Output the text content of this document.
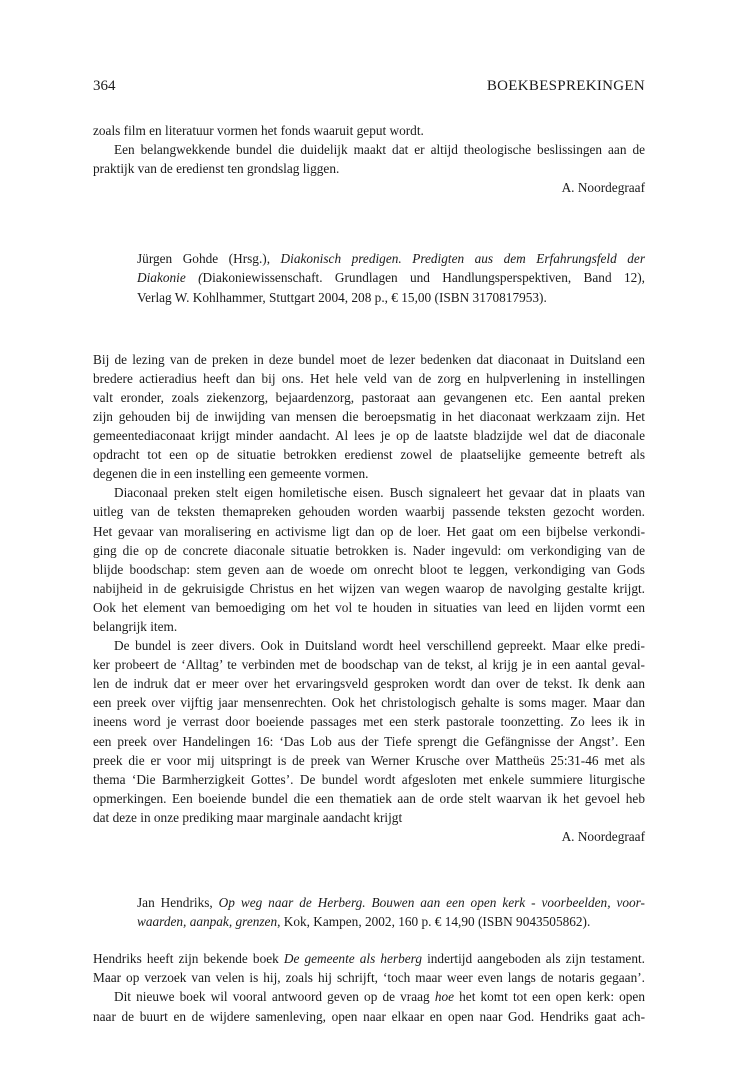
364	BOEKBESPREKINGEN
zoals film en literatuur vormen het fonds waaruit geput wordt.
Een belangwekkende bundel die duidelijk maakt dat er altijd theologische beslissingen aan de
praktijk van de eredienst ten grondslag liggen.
A. Noordegraaf
Jürgen Gohde (Hrsg.), Diakonisch predigen. Predigten aus dem Erfahrungsfeld der
Diakonie (Diakoniewissenschaft. Grundlagen und Handlungsperspektiven, Band 12),
Verlag W. Kohlhammer, Stuttgart 2004, 208 p., € 15,00 (ISBN 3170817953).
Bij de lezing van de preken in deze bundel moet de lezer bedenken dat diaconaat in Duitsland een
bredere actieradius heeft dan bij ons. Het hele veld van de zorg en hulpverlening in instellingen
valt eronder, zoals ziekenzorg, bejaardenzorg, pastoraat aan gevangenen etc. Een aantal preken
zijn gehouden bij de inwijding van mensen die beroepsmatig in het diaconaat werkzaam zijn. Het
gemeentediaconaat krijgt minder aandacht. Al lees je op de laatste bladzijde wel dat de diaconale
opdracht tot een op de situatie betrokken eredienst zowel de plaatselijke gemeente betreft als
degenen die in een instelling een gemeente vormen.
Diaconaal preken stelt eigen homiletische eisen. Busch signaleert het gevaar dat in plaats van
uitleg van de teksten themapreken gehouden worden waarbij passende teksten gezocht worden.
Het gevaar van moralisering en activisme ligt dan op de loer. Het gaat om een bijbelse verkondi-
ging die op de concrete diaconale situatie betrokken is. Nader ingevuld: om verkondiging van de
blijde boodschap: stem geven aan de woede om onrecht bloot te leggen, verkondiging van Gods
nabijheid in de gekruisigde Christus en het wijzen van wegen waarop de navolging gestalte krijgt.
Ook het element van bemoediging om het vol te houden in situaties van leed en lijden vormt een
belangrijk item.
De bundel is zeer divers. Ook in Duitsland wordt heel verschillend gepreekt. Maar elke predi-
ker probeert de ‘Alltag’ te verbinden met de boodschap van de tekst, al krijg je in een aantal geval-
len de indruk dat er meer over het ervaringsveld gesproken wordt dan over de tekst. Ik denk aan
een preek over vijftig jaar mensenrechten. Ook het christologisch gehalte is soms mager. Maar dan
ineens word je verrast door boeiende passages met een sterk pastorale toonzetting. Zo lees ik in
een preek over Handelingen 16: ‘Das Lob aus der Tiefe sprengt die Gefängnisse der Angst’. Een
preek die er voor mij uitspringt is de preek van Werner Krusche over Mattheüs 25:31-46 met als
thema ‘Die Barmherzigkeit Gottes’. De bundel wordt afgesloten met enkele summiere liturgische
opmerkingen. Een boeiende bundel die een thematiek aan de orde stelt waarvan ik het gevoel heb
dat deze in onze prediking maar marginale aandacht krijgt
A. Noordegraaf
Jan Hendriks, Op weg naar de Herberg. Bouwen aan een open kerk - voorbeelden, voor-
waarden, aanpak, grenzen, Kok, Kampen, 2002, 160 p. € 14,90 (ISBN 9043505862).
Hendriks heeft zijn bekende boek De gemeente als herberg indertijd aangeboden als zijn testament.
Maar op verzoek van velen is hij, zoals hij schrijft, ‘toch maar weer even langs de notaris gegaan’.
Dit nieuwe boek wil vooral antwoord geven op de vraag hoe het komt tot een open kerk: open
naar de buurt en de wijdere samenleving, open naar elkaar en open naar God. Hendriks gaat ach-
